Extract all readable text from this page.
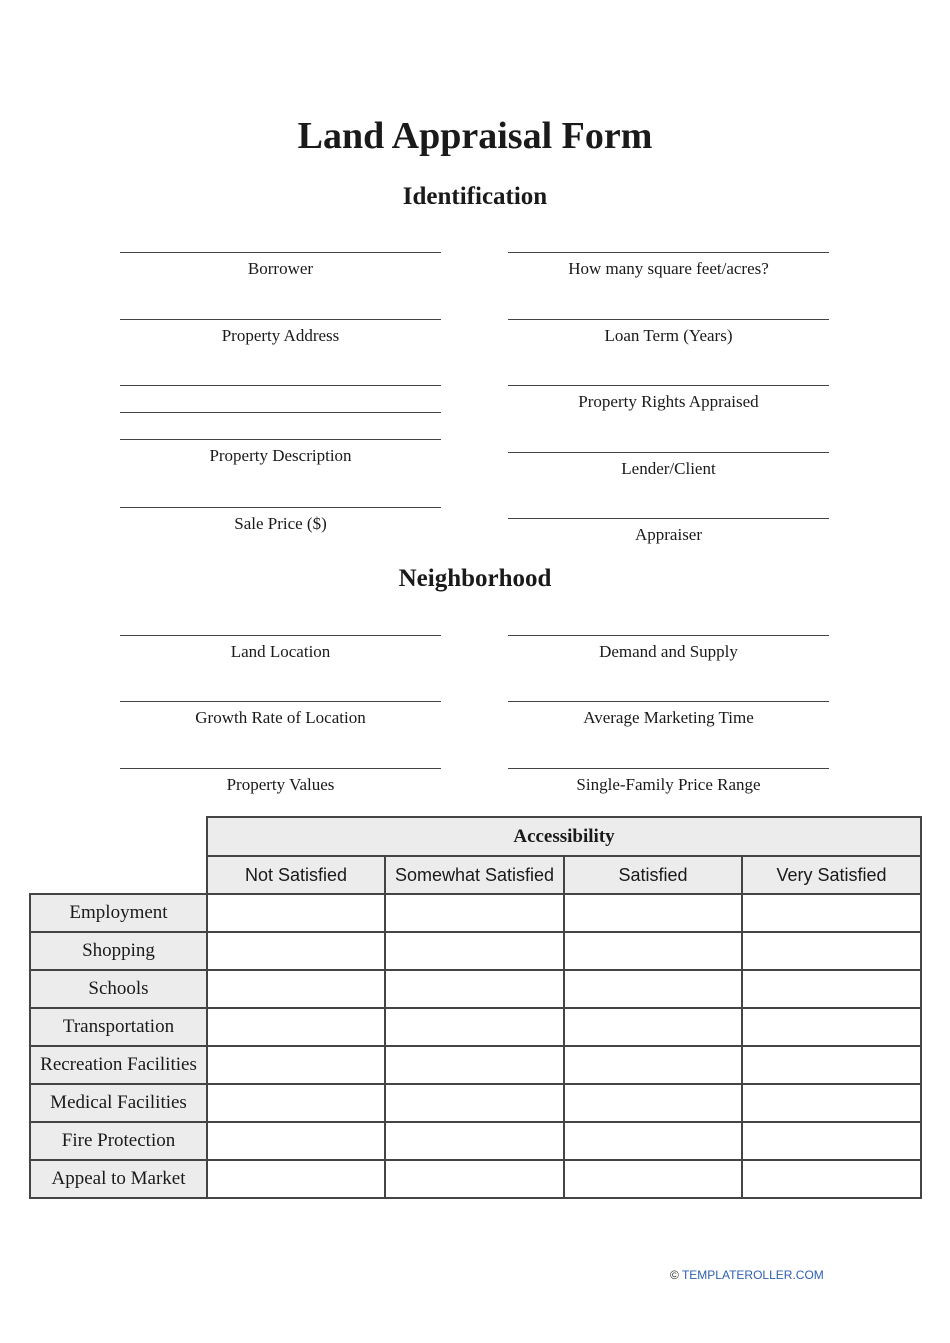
Land Appraisal Form
Identification
Borrower
Property Address
Property Description
Sale Price ($)
How many square feet/acres?
Loan Term (Years)
Property Rights Appraised
Lender/Client
Appraiser
Neighborhood
Land Location
Growth Rate of Location
Property Values
Demand and Supply
Average Marketing Time
Single-Family Price Range
	Accessibility			
	Not Satisfied	Somewhat Satisfied	Satisfied	Very Satisfied
Employment				
Shopping				
Schools				
Transportation				
Recreation Facilities				
Medical Facilities				
Fire Protection				
Appeal to Market				
© TEMPLATEROLLER.COM
